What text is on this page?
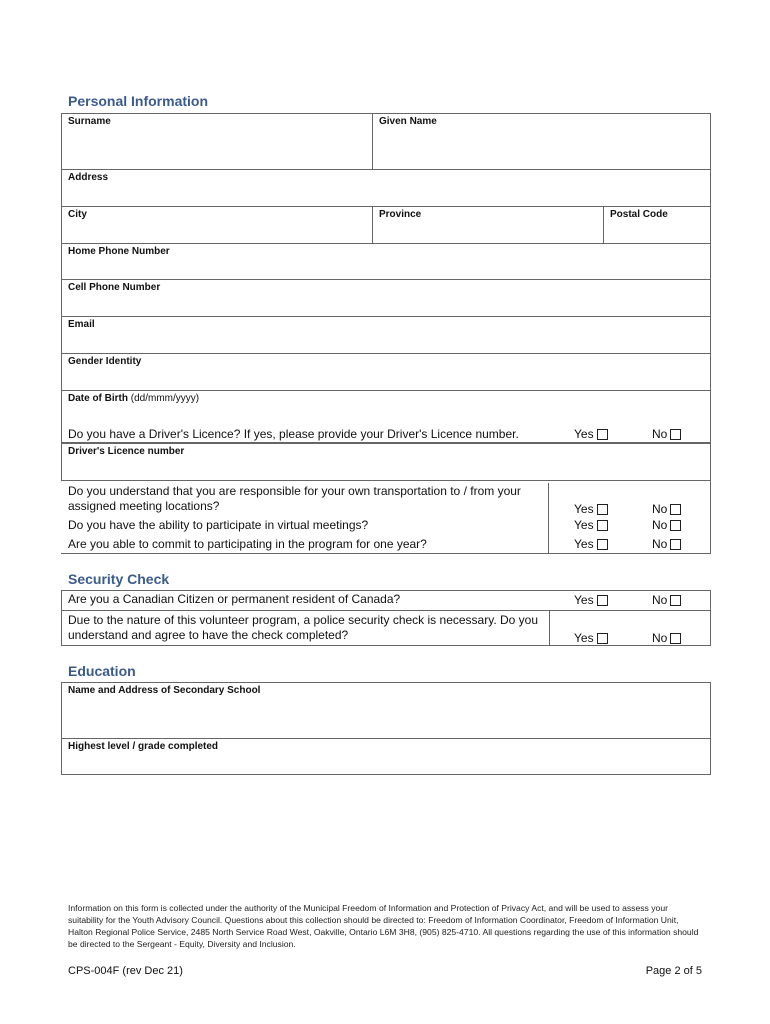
Personal Information
Surname	Given Name
Address
City	Province	Postal Code
Home Phone Number
Cell Phone Number
Email
Gender Identity
Date of Birth (dd/mmm/yyyy)
Do you have a Driver's Licence? If yes, please provide your Driver's Licence number.	Yes	No
Driver's Licence number
Do you understand that you are responsible for your own transportation to / from your assigned meeting locations?	Yes	No
Do you have the ability to participate in virtual meetings?	Yes	No
Are you able to commit to participating in the program for one year?	Yes	No
Security Check
Are you a Canadian Citizen or permanent resident of Canada?	Yes	No
Due to the nature of this volunteer program, a police security check is necessary. Do you understand and agree to have the check completed?	Yes	No
Education
Name and Address of Secondary School
Highest level / grade completed
Information on this form is collected under the authority of the Municipal Freedom of Information and Protection of Privacy Act, and will be used to assess your suitability for the Youth Advisory Council. Questions about this collection should be directed to: Freedom of Information Coordinator, Freedom of Information Unit, Halton Regional Police Service, 2485 North Service Road West, Oakville, Ontario L6M 3H8, (905) 825-4710. All questions regarding the use of this information should be directed to the Sergeant - Equity, Diversity and Inclusion.
CPS-004F (rev Dec 21)	Page 2 of 5
